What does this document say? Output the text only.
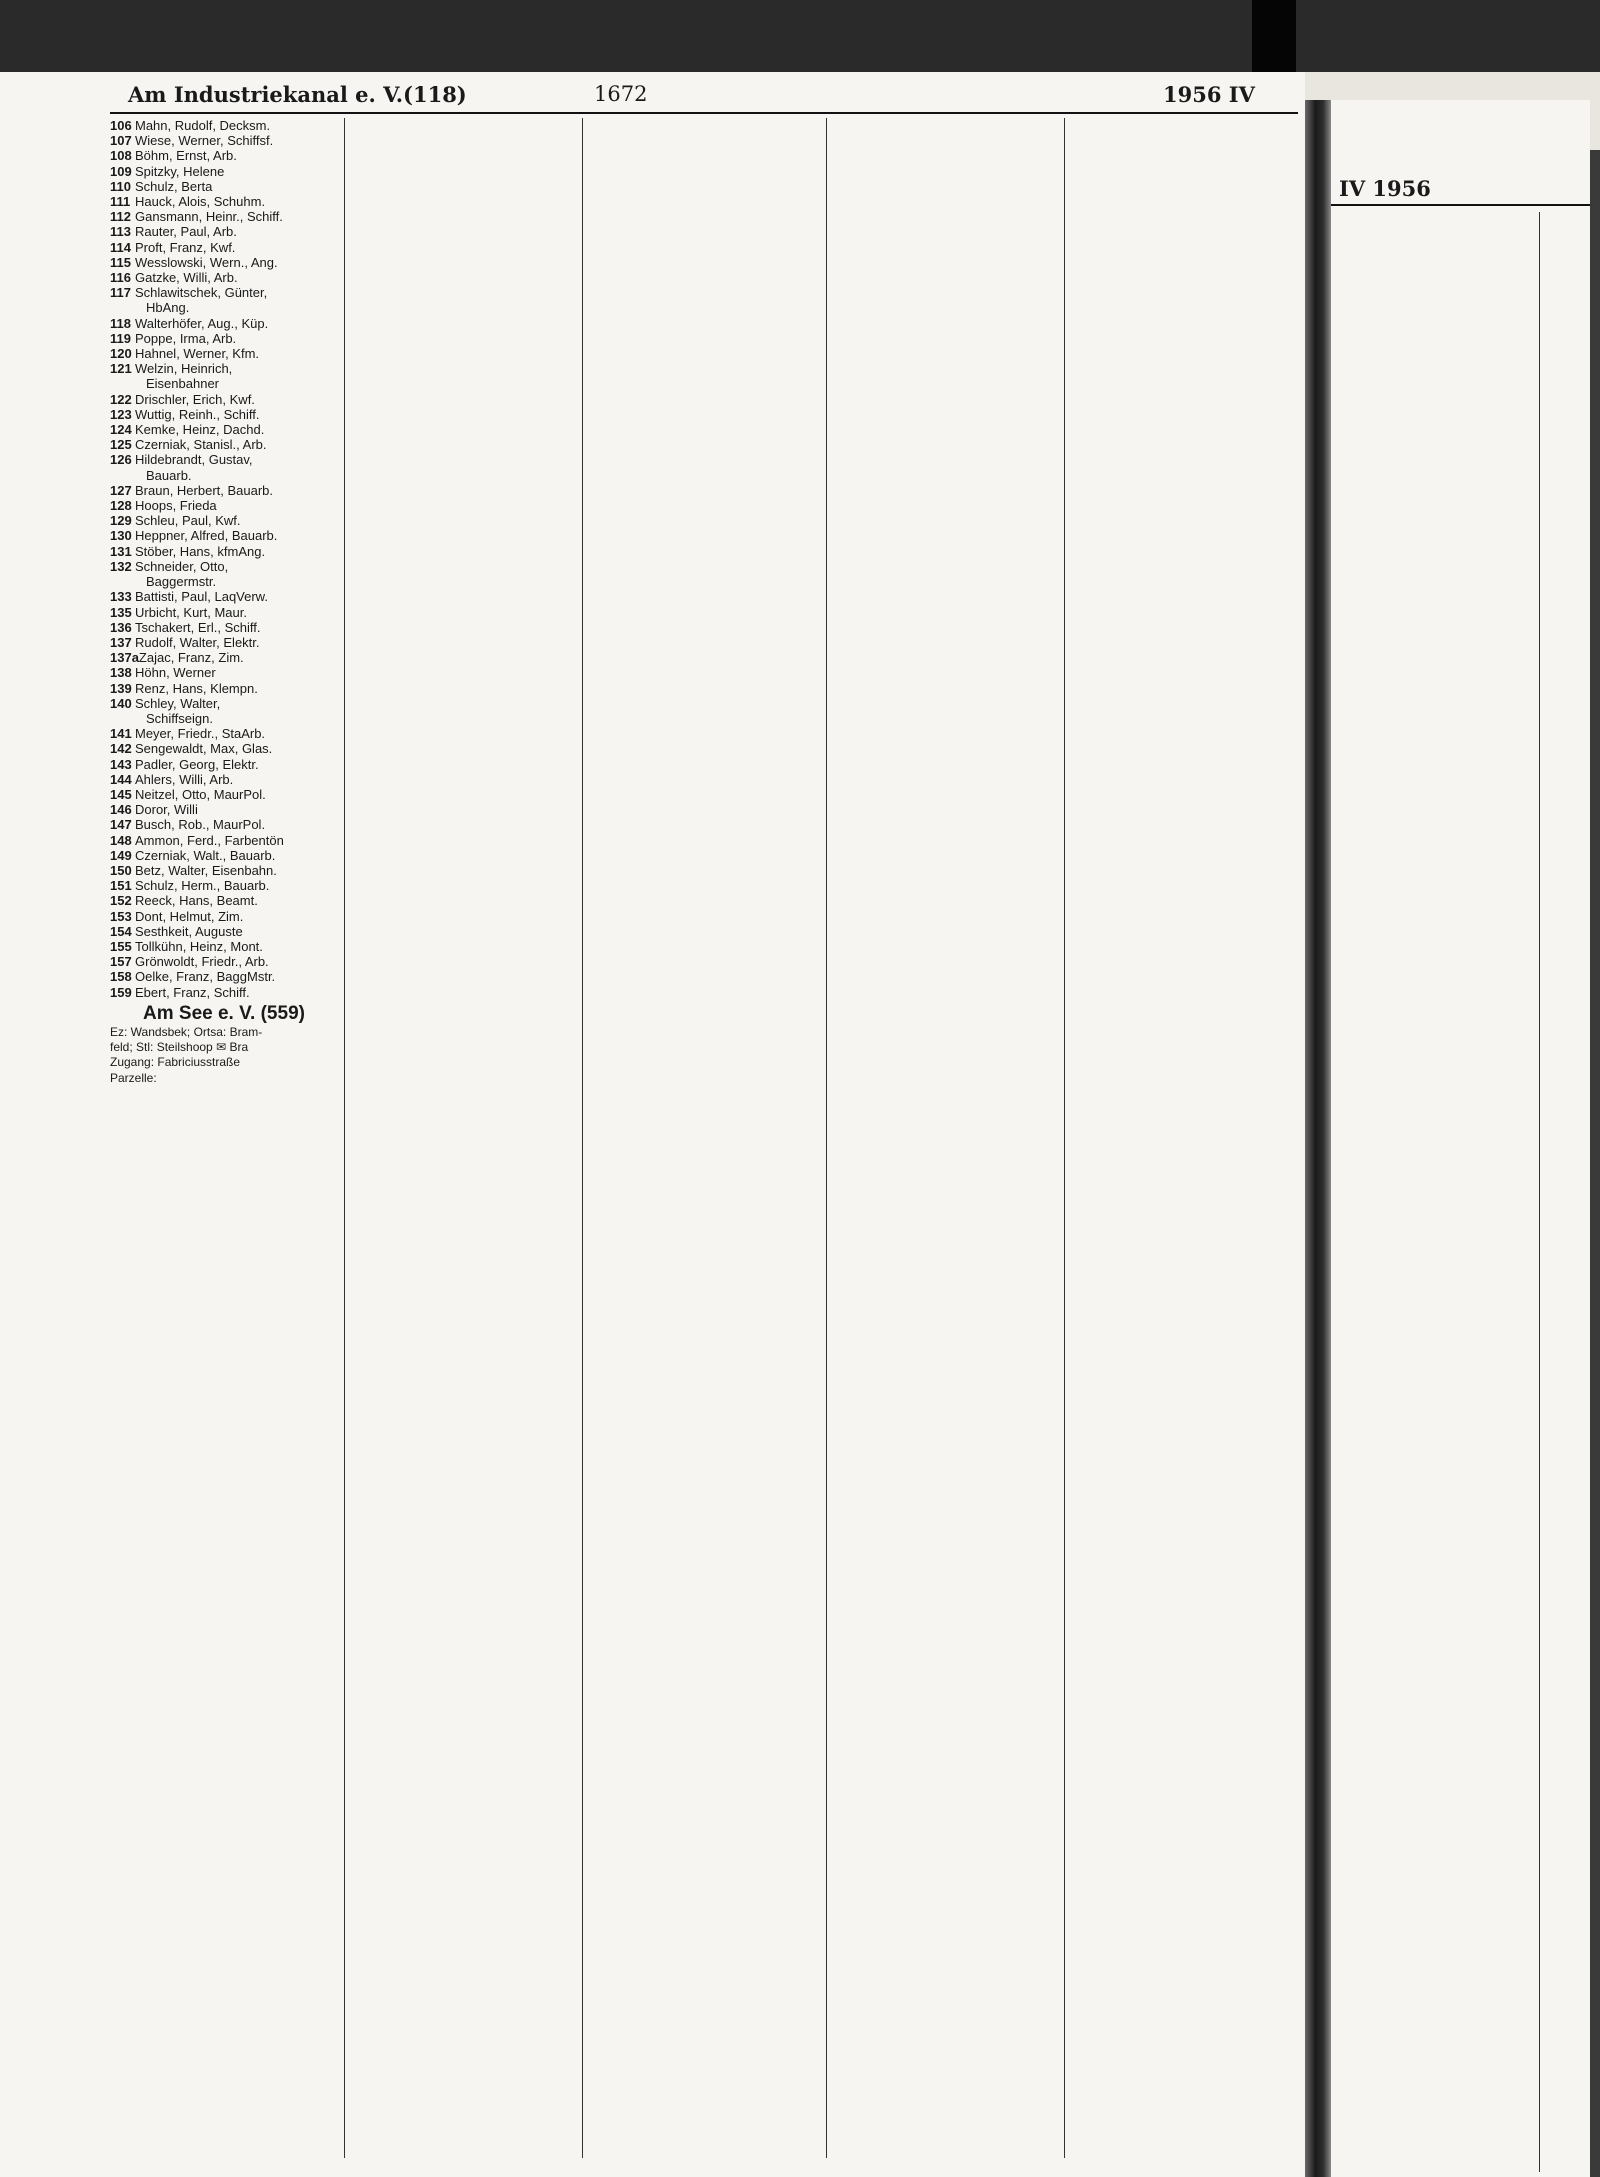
Am Industriekanal e. V.(118)	1672	1956 IV
106 Mahn, Rudolf, Decksm.
107 Wiese, Werner, Schiffsf.
108 Böhm, Ernst, Arb.
109 Spitzky, Helene
110 Schulz, Berta
111 Hauck, Alois, Schuhm.
112 Gansmann, Heinr., Schiff.
113 Rauter, Paul, Arb.
114 Proft, Franz, Kwf.
115 Wesslowski, Wern., Ang.
116 Gatzke, Willi, Arb.
117 Schlawitschek, Günter,
HbAng.
118 Walterhöfer, Aug., Küp.
119 Poppe, Irma, Arb.
120 Hahnel, Werner, Kfm.
121 Welzin, Heinrich,
Eisenbahner
122 Drischler, Erich, Kwf.
123 Wuttig, Reinh., Schiff.
124 Kemke, Heinz, Dachd.
125 Czerniak, Stanisl., Arb.
126 Hildebrandt, Gustav,
Bauarb.
127 Braun, Herbert, Bauarb.
128 Hoops, Frieda
129 Schleu, Paul, Kwf.
130 Heppner, Alfred, Bauarb.
131 Stöber, Hans, kfmAng.
132 Schneider, Otto,
Baggermstr.
133 Battisti, Paul, LaqVerw.
135 Urbicht, Kurt, Maur.
136 Tschakert, Erl., Schiff.
137 Rudolf, Walter, Elektr.
137aZajac, Franz, Zim.
138 Höhn, Werner
139 Renz, Hans, Klempn.
140 Schley, Walter,
Schiffseign.
141 Meyer, Friedr., StaArb.
142 Sengewaldt, Max, Glas.
143 Padler, Georg, Elektr.
144 Ahlers, Willi, Arb.
145 Neitzel, Otto, MaurPol.
146 Doror, Willi
147 Busch, Rob., MaurPol.
148 Ammon, Ferd., Farbentön
149 Czerniak, Walt., Bauarb.
150 Betz, Walter, Eisenbahn.
151 Schulz, Herm., Bauarb.
152 Reeck, Hans, Beamt.
153 Dont, Helmut, Zim.
154 Sesthkeit, Auguste
155 Tollkühn, Heinz, Mont.
157 Grönwoldt, Friedr., Arb.
158 Oelke, Franz, BaggMstr.
159 Ebert, Franz, Schiff.
Am See e. V. (559)
Ez: Wandsbek; Ortsa: Bram-
feld; Stl: Steilshoop ✉ Bra
Zugang: Fabriciusstraße
Parzelle:
IV 1956
